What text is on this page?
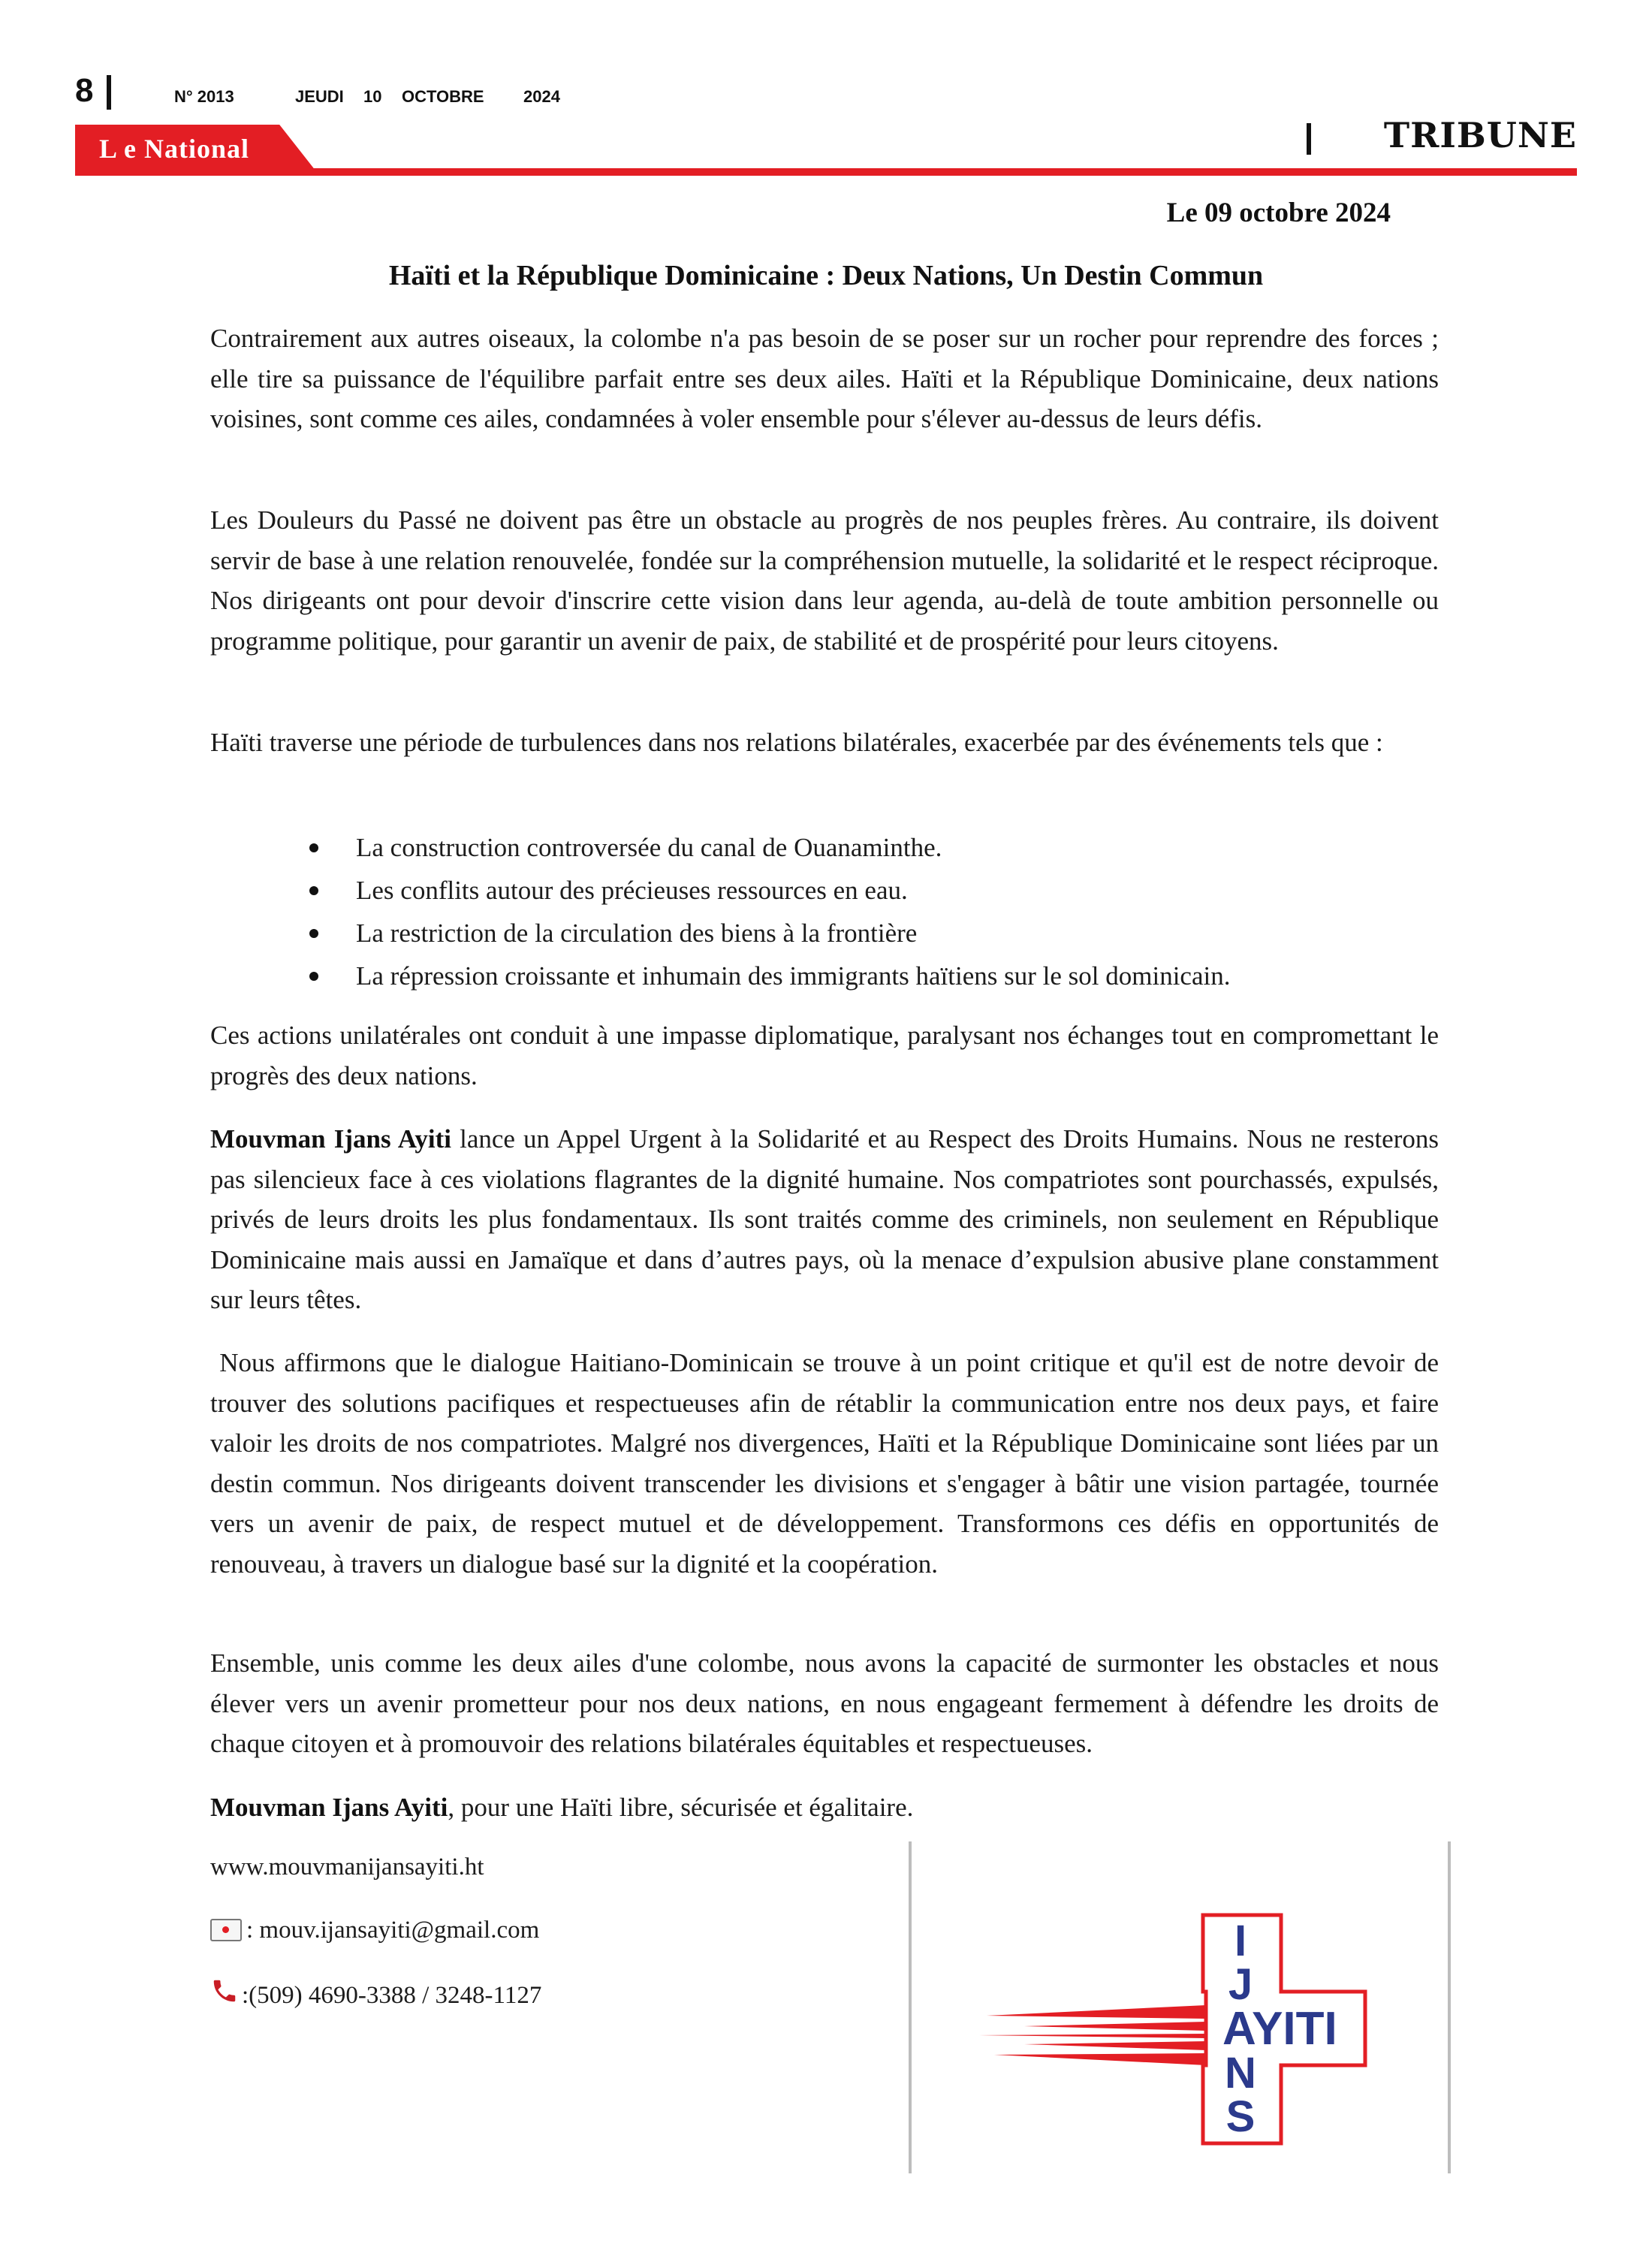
8	N° 2013	JEUDI 10 OCTOBRE 2024
L e National	TRIBUNE
Le 09 octobre 2024
Haïti et la République Dominicaine : Deux Nations, Un Destin Commun

Contrairement aux autres oiseaux, la colombe n'a pas besoin de se poser sur un rocher pour reprendre des forces ; elle tire sa puissance de l'équilibre parfait entre ses deux ailes. Haïti et la République Dominicaine, deux nations voisines, sont comme ces ailes, condamnées à voler ensemble pour s'élever au-dessus de leurs défis.

Les Douleurs du Passé ne doivent pas être un obstacle au progrès de nos peuples frères. Au contraire, ils doivent servir de base à une relation renouvelée, fondée sur la compréhension mutuelle, la solidarité et le respect réciproque. Nos dirigeants ont pour devoir d'inscrire cette vision dans leur agenda, au-delà de toute ambition personnelle ou programme politique, pour garantir un avenir de paix, de stabilité et de prospérité pour leurs citoyens.

Haïti traverse une période de turbulences dans nos relations bilatérales, exacerbée par des événements tels que :

La construction controversée du canal de Ouanaminthe.
Les conflits autour des précieuses ressources en eau.
La restriction de la circulation des biens à la frontière
La répression croissante et inhumain des immigrants haïtiens sur le sol dominicain.

Ces actions unilatérales ont conduit à une impasse diplomatique, paralysant nos échanges tout en compromettant le progrès des deux nations.

Mouvman Ijans Ayiti lance un Appel Urgent à la Solidarité et au Respect des Droits Humains. Nous ne resterons pas silencieux face à ces violations flagrantes de la dignité humaine. Nos compatriotes sont pourchassés, expulsés, privés de leurs droits les plus fondamentaux. Ils sont traités comme des criminels, non seulement en République Dominicaine mais aussi en Jamaïque et dans d’autres pays, où la menace d’expulsion abusive plane constamment sur leurs têtes.

Nous affirmons que le dialogue Haitiano-Dominicain se trouve à un point critique et qu'il est de notre devoir de trouver des solutions pacifiques et respectueuses afin de rétablir la communication entre nos deux pays, et faire valoir les droits de nos compatriotes. Malgré nos divergences, Haïti et la République Dominicaine sont liées par un destin commun. Nos dirigeants doivent transcender les divisions et s'engager à bâtir une vision partagée, tournée vers un avenir de paix, de respect mutuel et de développement. Transformons ces défis en opportunités de renouveau, à travers un dialogue basé sur la dignité et la coopération.

Ensemble, unis comme les deux ailes d'une colombe, nous avons la capacité de surmonter les obstacles et nous élever vers un avenir prometteur pour nos deux nations, en nous engageant fermement à défendre les droits de chaque citoyen et à promouvoir des relations bilatérales équitables et respectueuses.

Mouvman Ijans Ayiti, pour une Haïti libre, sécurisée et égalitaire.

www.mouvmanijansayiti.ht
: mouv.ijansayiti@gmail.com
:(509) 4690-3388 / 3248-1127
I
J
N
S
AYITI
